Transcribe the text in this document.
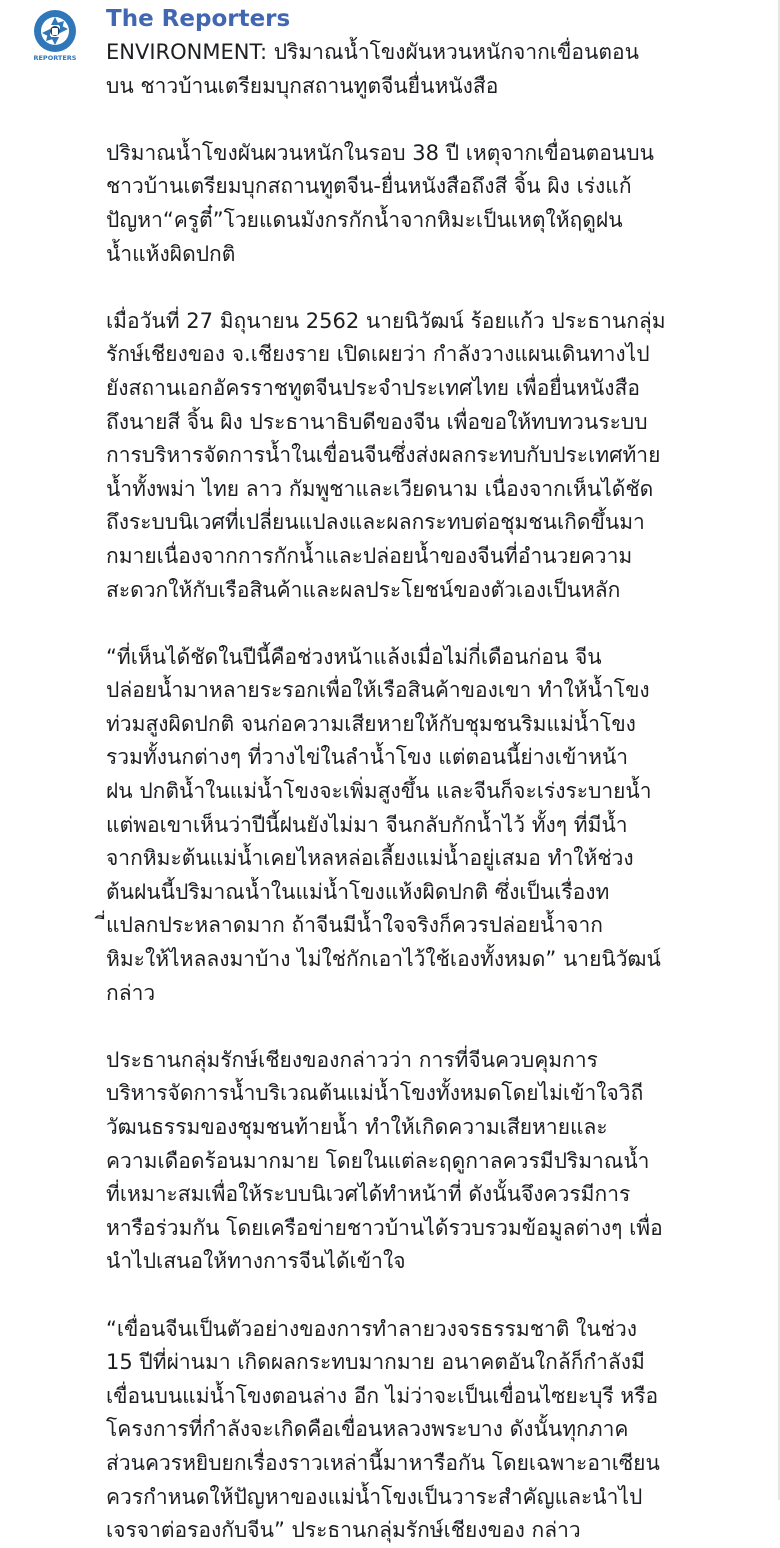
REPORTERS
The Reporters
ENVIRONMENT: ปริมาณน้ำโขงผันหวนหนักจากเขื่อนตอน
บน ชาวบ้านเตรียมบุกสถานทูตจีนยื่นหนังสือ
ปริมาณน้ำโขงผันผวนหนักในรอบ 38 ปี เหตุจากเขื่อนตอนบน
ชาวบ้านเตรียมบุกสถานทูตจีน-ยื่นหนังสือถึงสี จิ้น ผิง เร่งแก้
ปัญหา“ครูตี๋”โวยแดนมังกรกักน้ำจากหิมะเป็นเหตุให้ฤดูฝน
น้ำแห้งผิดปกติ
เมื่อวันที่ 27 มิถุนายน 2562 นายนิวัฒน์ ร้อยแก้ว ประธานกลุ่ม
รักษ์เชียงของ จ.เชียงราย เปิดเผยว่า กำลังวางแผนเดินทางไป
ยังสถานเอกอัครราชทูตจีนประจำประเทศไทย เพื่อยื่นหนังสือ
ถึงนายสี จิ้น ผิง ประธานาธิบดีของจีน เพื่อขอให้ทบทวนระบบ
การบริหารจัดการน้ำในเขื่อนจีนซึ่งส่งผลกระทบกับประเทศท้าย
น้ำทั้งพม่า ไทย ลาว กัมพูชาและเวียดนาม เนื่องจากเห็นได้ชัด
ถึงระบบนิเวศที่เปลี่ยนแปลงและผลกระทบต่อชุมชนเกิดขึ้นมา
กมายเนื่องจากการกักน้ำและปล่อยน้ำของจีนที่อำนวยความ
สะดวกให้กับเรือสินค้าและผลประโยชน์ของตัวเองเป็นหลัก
“ที่เห็นได้ชัดในปีนี้คือช่วงหน้าแล้งเมื่อไม่กี่เดือนก่อน จีน
ปล่อยน้ำมาหลายระรอกเพื่อให้เรือสินค้าของเขา ทำให้น้ำโขง
ท่วมสูงผิดปกติ จนก่อความเสียหายให้กับชุมชนริมแม่น้ำโขง
รวมทั้งนกต่างๆ ที่วางไข่ในลำน้ำโขง แต่ตอนนี้ย่างเข้าหน้า
ฝน ปกติน้ำในแม่น้ำโขงจะเพิ่มสูงขึ้น และจีนก็จะเร่งระบายน้ำ
แต่พอเขาเห็นว่าปีนี้ฝนยังไม่มา จีนกลับกักน้ำไว้ ทั้งๆ ที่มีน้ำ
จากหิมะต้นแม่น้ำเคยไหลหล่อเลี้ยงแม่น้ำอยู่เสมอ ทำให้ช่วง
ต้นฝนนี้ปริมาณน้ำในแม่น้ำโขงแห้งผิดปกติ ซึ่งเป็นเรื่องท
ี่แปลกประหลาดมาก ถ้าจีนมีน้ำใจจริงก็ควรปล่อยน้ำจาก
หิมะให้ไหลลงมาบ้าง ไม่ใช่กักเอาไว้ใช้เองทั้งหมด” นายนิวัฒน์
กล่าว
ประธานกลุ่มรักษ์เชียงของกล่าวว่า การที่จีนควบคุมการ
บริหารจัดการน้ำบริเวณต้นแม่น้ำโขงทั้งหมดโดยไม่เข้าใจวิถี
วัฒนธรรมของชุมชนท้ายน้ำ ทำให้เกิดความเสียหายและ
ความเดือดร้อนมากมาย โดยในแต่ละฤดูกาลควรมีปริมาณน้ำ
ที่เหมาะสมเพื่อให้ระบบนิเวศได้ทำหน้าที่ ดังนั้นจึงควรมีการ
หารือร่วมกัน โดยเครือข่ายชาวบ้านได้รวบรวมข้อมูลต่างๆ เพื่อ
นำไปเสนอให้ทางการจีนได้เข้าใจ
“เขื่อนจีนเป็นตัวอย่างของการทำลายวงจรธรรมชาติ ในช่วง
15 ปีที่ผ่านมา เกิดผลกระทบมากมาย อนาคตอันใกล้ก็กำลังมี
เขื่อนบนแม่น้ำโขงตอนล่าง อีก ไม่ว่าจะเป็นเขื่อนไซยะบุรี หรือ
โครงการที่กำลังจะเกิดคือเขื่อนหลวงพระบาง ดังนั้นทุกภาค
ส่วนควรหยิบยกเรื่องราวเหล่านี้มาหารือกัน โดยเฉพาะอาเซียน
ควรกำหนดให้ปัญหาของแม่น้ำโขงเป็นวาระสำคัญและนำไป
เจรจาต่อรองกับจีน” ประธานกลุ่มรักษ์เชียงของ กล่าว
